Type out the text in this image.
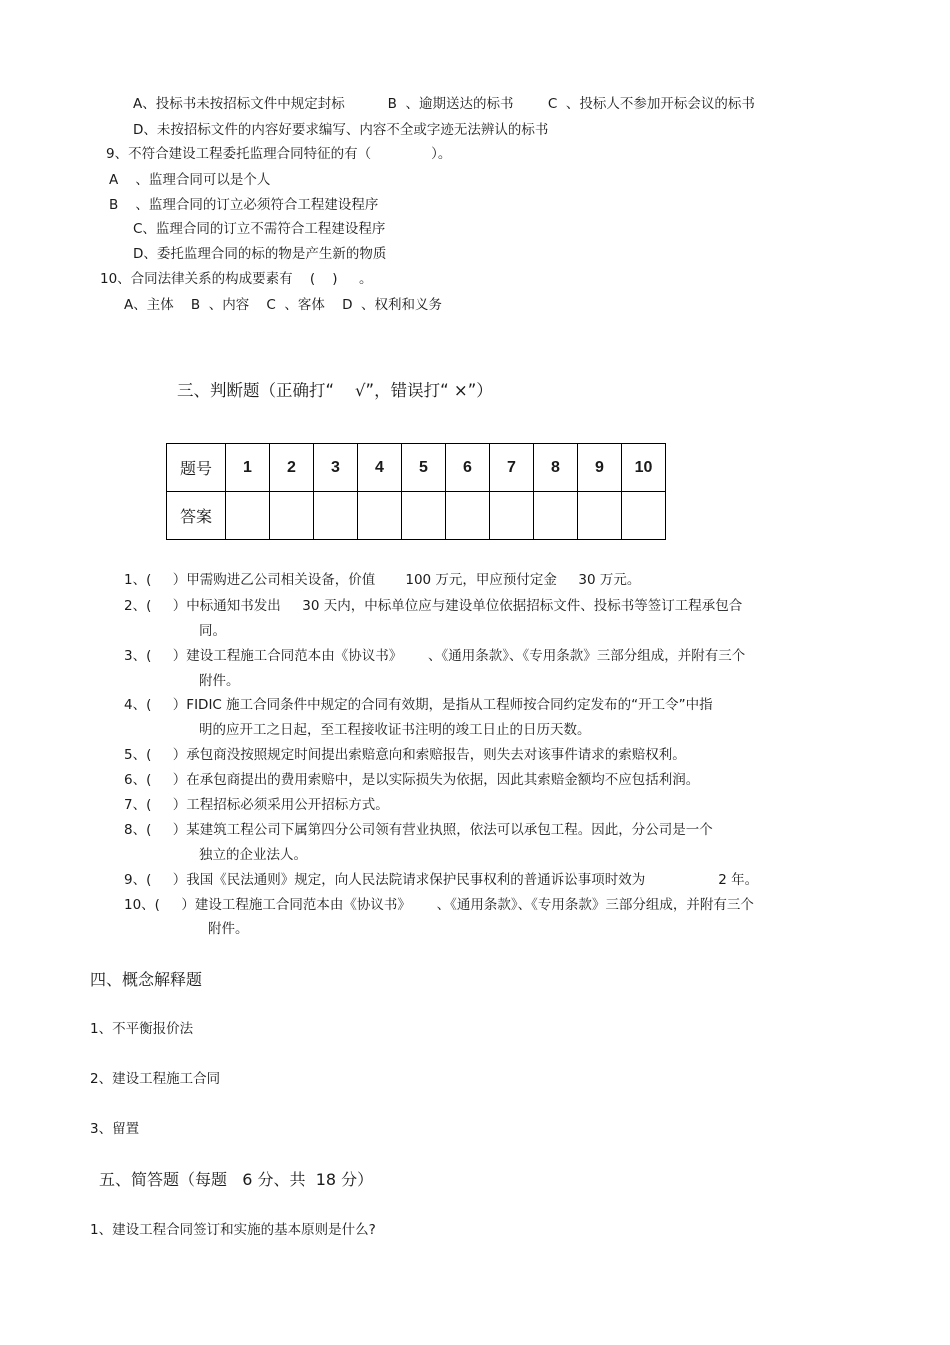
A、投标书未按招标文件中规定封标          B  、逾期送达的标书        C  、投标人不参加开标会议的标书
D、未按招标文件的内容好要求编写、内容不全或字迹无法辨认的标书
9、不符合建设工程委托监理合同特征的有（              ）。
A    、监理合同可以是个人
B    、监理合同的订立必须符合工程建设程序
C、监理合同的订立不需符合工程建设程序
D、委托监理合同的标的物是产生新的物质
10、合同法律关系的构成要素有    (    )     。
A、主体    B  、内容    C  、客体    D  、权利和义务
三、判断题（正确打“    √”，错误打“ ×”）
题号	1	2	3	4	5	6	7	8	9	10
答案										
1、(     ）甲需购进乙公司相关设备，价值       100 万元，甲应预付定金     30 万元。
2、(     ）中标通知书发出     30 天内，中标单位应与建设单位依据招标文件、投标书等签订工程承包合
同。
3、(     ）建设工程施工合同范本由《协议书》      、《通用条款》、《专用条款》三部分组成，并附有三个
附件。
4、(     ）FIDIC 施工合同条件中规定的合同有效期，是指从工程师按合同约定发布的“开工令”中指
明的应开工之日起，至工程接收证书注明的竣工日止的日历天数。
5、(     ）承包商没按照规定时间提出索赔意向和索赔报告，则失去对该事件请求的索赔权利。
6、(     ）在承包商提出的费用索赔中，是以实际损失为依据，因此其索赔金额均不应包括利润。
7、(     ）工程招标必须采用公开招标方式。
8、(     ）某建筑工程公司下属第四分公司领有营业执照，依法可以承包工程。因此，分公司是一个
独立的企业法人。
9、(     ）我国《民法通则》规定，向人民法院请求保护民事权利的普通诉讼事项时效为                 2 年。
10、(     ）建设工程施工合同范本由《协议书》      、《通用条款》、《专用条款》三部分组成，并附有三个
附件。
四、概念解释题
1、不平衡报价法
2、建设工程施工合同
3、留置
五、简答题（每题   6 分、共  18 分）
1、建设工程合同签订和实施的基本原则是什么?
